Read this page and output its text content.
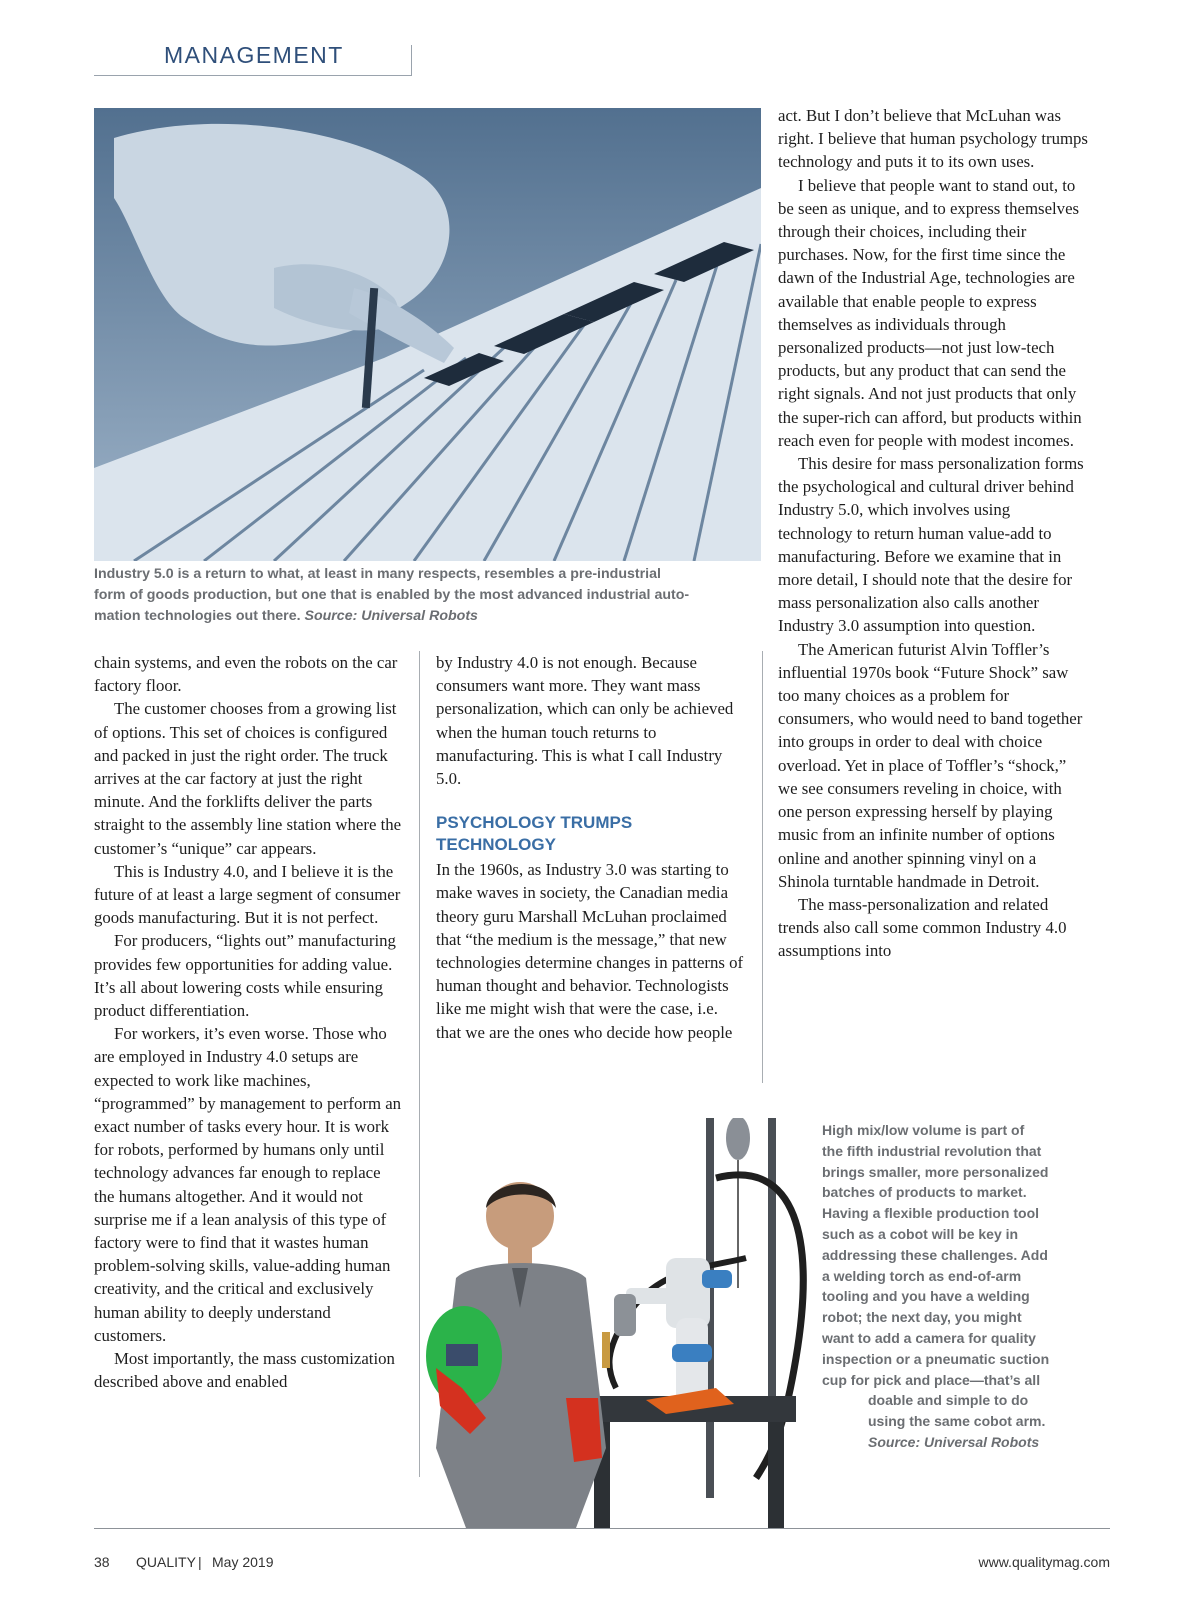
MANAGEMENT
Industry 5.0 is a return to what, at least in many respects, resembles a pre-industrial
form of goods production, but one that is enabled by the most advanced industrial auto-
mation technologies out there. Source: Universal Robots

chain systems, and even the robots on the car factory floor.

The customer chooses from a growing list of options. This set of choices is configured and packed in just the right order. The truck arrives at the car factory at just the right minute. And the forklifts deliver the parts straight to the assembly line station where the customer’s “unique” car appears.

This is Industry 4.0, and I believe it is the future of at least a large segment of consumer goods manufacturing. But it is not perfect.

For producers, “lights out” manufacturing provides few opportunities for adding value. It’s all about lowering costs while ensuring product differentiation.

For workers, it’s even worse. Those who are employed in Industry 4.0 setups are expected to work like machines, “programmed” by management to perform an exact number of tasks every hour. It is work for robots, performed by humans only until technology advances far enough to replace the humans altogether. And it would not surprise me if a lean analysis of this type of factory were to find that it wastes human problem-solving skills, value-adding human creativity, and the critical and exclusively human ability to deeply understand customers.

Most importantly, the mass customization described above and enabled

by Industry 4.0 is not enough. Because consumers want more. They want mass personalization, which can only be achieved when the human touch returns to manufacturing. This is what I call Industry 5.0.

PSYCHOLOGY TRUMPS
TECHNOLOGY

In the 1960s, as Industry 3.0 was starting to make waves in society, the Canadian media theory guru Marshall McLuhan proclaimed that “the medium is the message,” that new technologies determine changes in patterns of human thought and behavior. Technologists like me might wish that were the case, i.e. that we are the ones who decide how people

act. But I don’t believe that McLuhan was right. I believe that human psychology trumps technology and puts it to its own uses.

I believe that people want to stand out, to be seen as unique, and to express themselves through their choices, including their purchases. Now, for the first time since the dawn of the Industrial Age, technologies are available that enable people to express themselves as individuals through personalized products—not just low-tech products, but any product that can send the right signals. And not just products that only the super-rich can afford, but products within reach even for people with modest incomes.

This desire for mass personalization forms the psychological and cultural driver behind Industry 5.0, which involves using technology to return human value-add to manufacturing. Before we examine that in more detail, I should note that the desire for mass personalization also calls another Industry 3.0 assumption into question.

The American futurist Alvin Toffler’s influential 1970s book “Future Shock” saw too many choices as a problem for consumers, who would need to band together into groups in order to deal with choice overload. Yet in place of Toffler’s “shock,” we see consumers reveling in choice, with one person expressing herself by playing music from an infinite number of options online and another spinning vinyl on a Shinola turntable handmade in Detroit.

The mass-personalization and related trends also call some common Industry 4.0 assumptions into

High mix/low volume is part of
the fifth industrial revolution that
brings smaller, more personalized
batches of products to market.
Having a flexible production tool
such as a cobot will be key in
addressing these challenges. Add
a welding torch as end-of-arm
tooling and you have a welding
robot; the next day, you might
want to add a camera for quality
inspection or a pneumatic suction
cup for pick and place—that’s all
doable and simple to do
using the same cobot arm.
Source: Universal Robots
38 QUALITY | May 2019	www.qualitymag.com
